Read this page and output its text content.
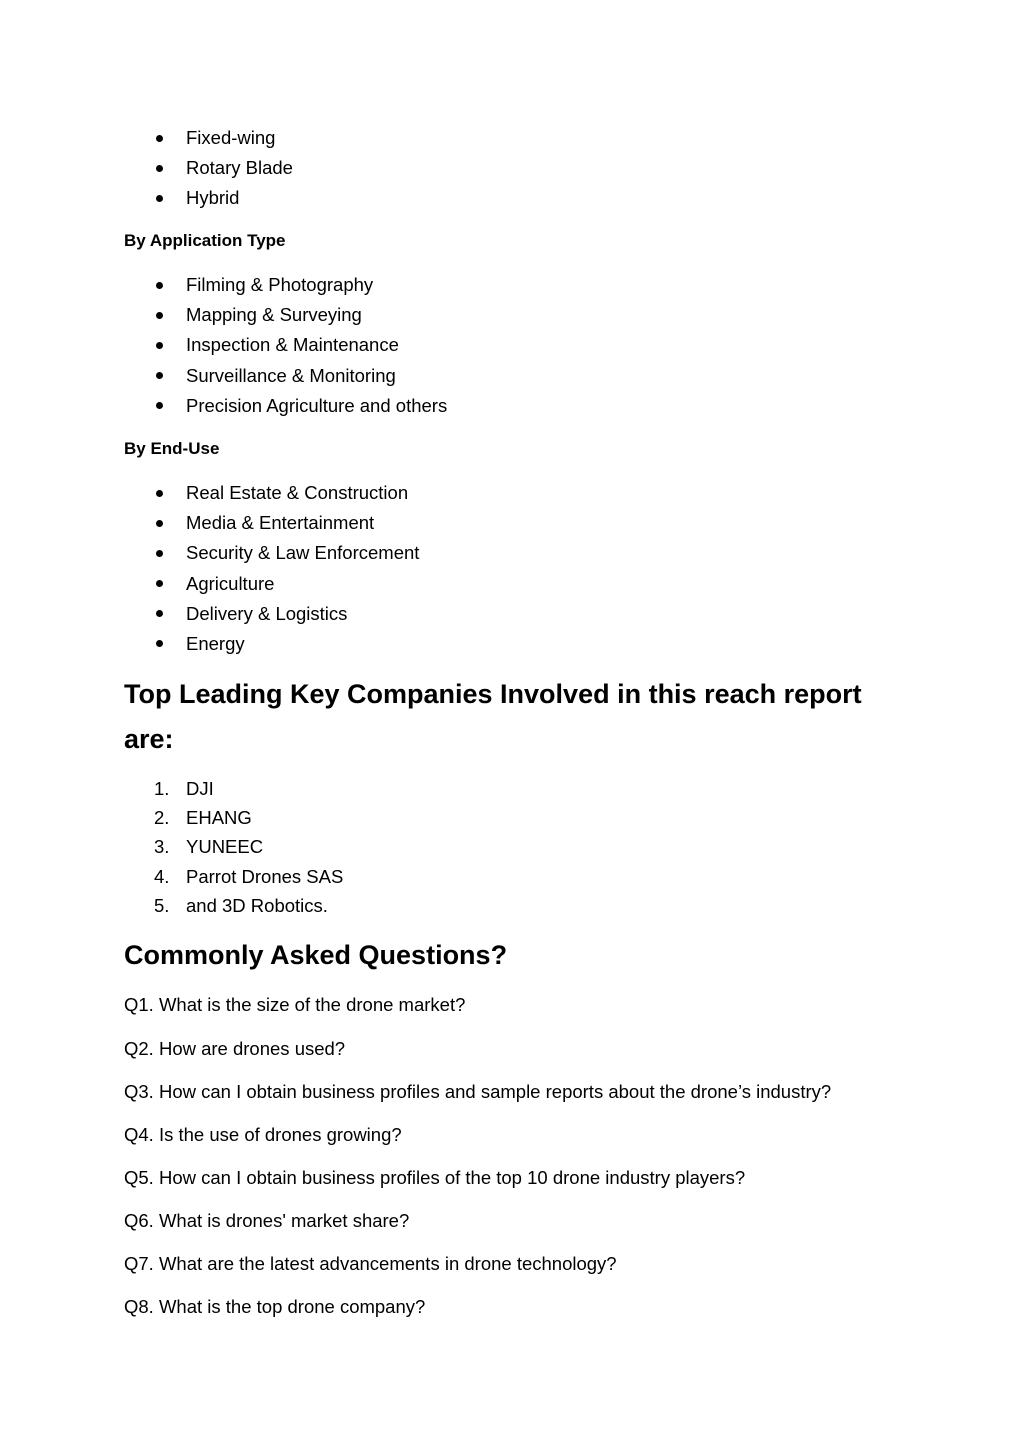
Fixed-wing
Rotary Blade
Hybrid
By Application Type
Filming & Photography
Mapping & Surveying
Inspection & Maintenance
Surveillance & Monitoring
Precision Agriculture and others
By End-Use
Real Estate & Construction
Media & Entertainment
Security & Law Enforcement
Agriculture
Delivery & Logistics
Energy
Top Leading Key Companies Involved in this reach report are:
1. DJI
2. EHANG
3. YUNEEC
4. Parrot Drones SAS
5. and 3D Robotics.
Commonly Asked Questions?

Q1. What is the size of the drone market?

Q2. How are drones used?

Q3. How can I obtain business profiles and sample reports about the drone’s industry?

Q4. Is the use of drones growing?

Q5. How can I obtain business profiles of the top 10 drone industry players?

Q6. What is drones' market share?

Q7. What are the latest advancements in drone technology?

Q8. What is the top drone company?
